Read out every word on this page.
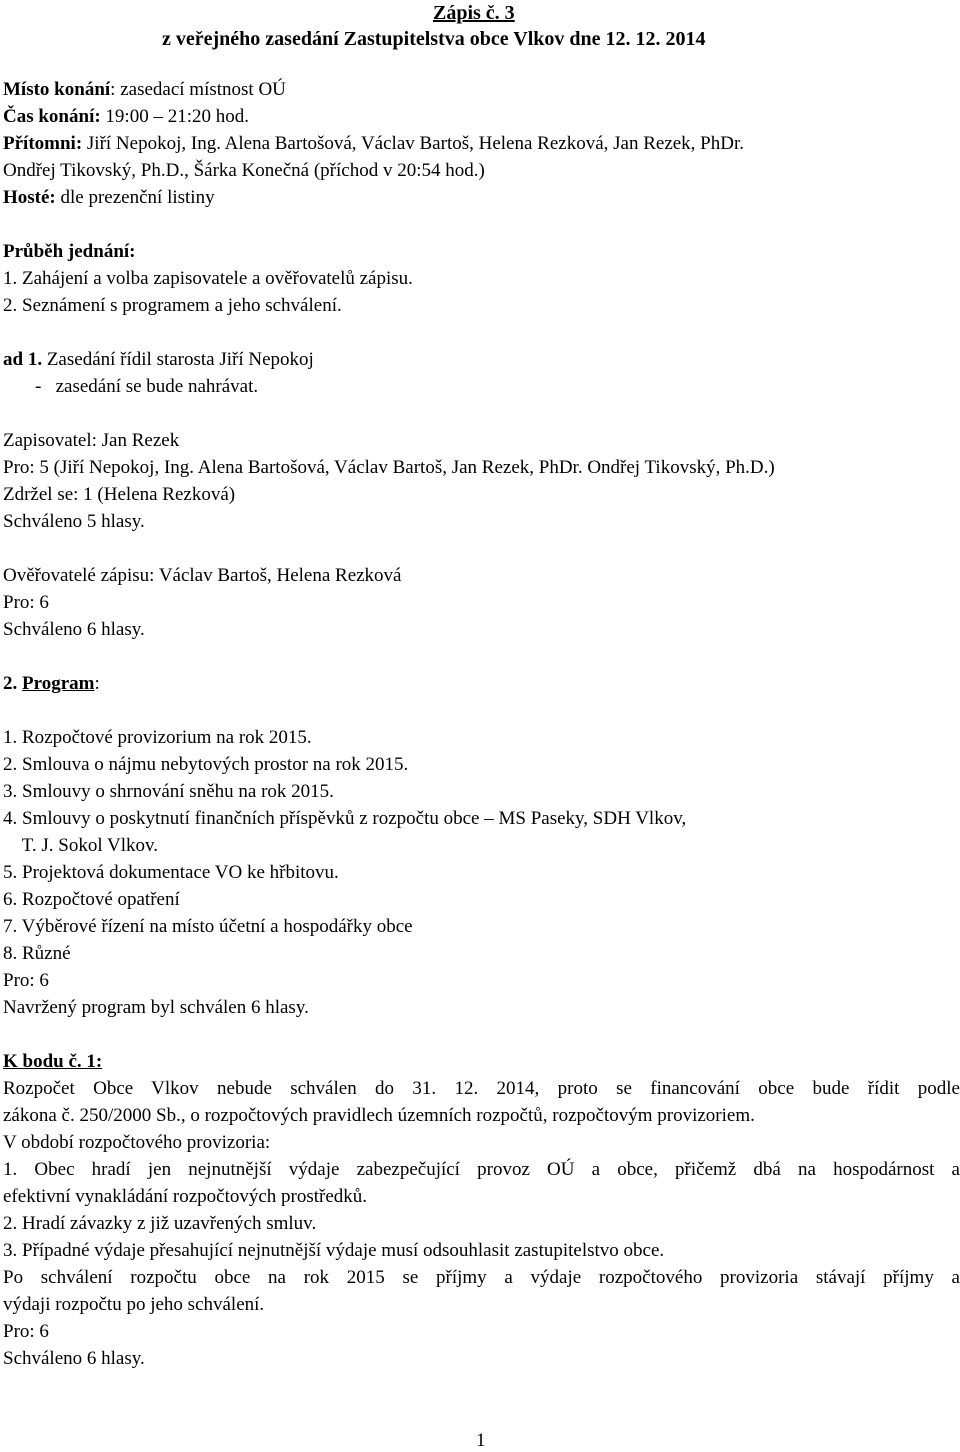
Zápis č. 3
z veřejného zasedání Zastupitelstva obce Vlkov dne 12. 12. 2014
Místo konání: zasedací místnost OÚ
Čas konání: 19:00 – 21:20 hod.
Přítomni: Jiří Nepokoj, Ing. Alena Bartošová, Václav Bartoš, Helena Rezková, Jan Rezek, PhDr.
Ondřej Tikovský, Ph.D., Šárka Konečná (příchod v 20:54 hod.)
Hosté: dle prezenční listiny
Průběh jednání:
1. Zahájení a volba zapisovatele a ověřovatelů zápisu.
2. Seznámení s programem a jeho schválení.
ad 1. Zasedání řídil starosta Jiří Nepokoj
-   zasedání se bude nahrávat.
Zapisovatel: Jan Rezek
Pro: 5 (Jiří Nepokoj, Ing. Alena Bartošová, Václav Bartoš, Jan Rezek, PhDr. Ondřej Tikovský, Ph.D.)
Zdržel se: 1 (Helena Rezková)
Schváleno 5 hlasy.
Ověřovatelé zápisu: Václav Bartoš, Helena Rezková
Pro: 6
Schváleno 6 hlasy.
2. Program:
1. Rozpočtové provizorium na rok 2015.
2. Smlouva o nájmu nebytových prostor na rok 2015.
3. Smlouvy o shrnování sněhu na rok 2015.
4. Smlouvy o poskytnutí finančních příspěvků z rozpočtu obce – MS Paseky, SDH Vlkov,
T. J. Sokol Vlkov.
5. Projektová dokumentace VO ke hřbitovu.
6. Rozpočtové opatření
7. Výběrové řízení na místo účetní a hospodářky obce
8. Různé
Pro: 6
Navržený program byl schválen 6 hlasy.
K bodu č. 1:
Rozpočet Obce Vlkov nebude schválen do 31. 12. 2014, proto se financování obce bude řídit podle
zákona č. 250/2000 Sb., o rozpočtových pravidlech územních rozpočtů, rozpočtovým provizoriem.
V období rozpočtového provizoria:
1. Obec hradí jen nejnutnější výdaje zabezpečující provoz OÚ a obce, přičemž dbá na hospodárnost a
efektivní vynakládání rozpočtových prostředků.
2. Hradí závazky z již uzavřených smluv.
3. Případné výdaje přesahující nejnutnější výdaje musí odsouhlasit zastupitelstvo obce.
Po schválení rozpočtu obce na rok 2015 se příjmy a výdaje rozpočtového provizoria stávají příjmy a
výdaji rozpočtu po jeho schválení.
Pro: 6
Schváleno 6 hlasy.
1
